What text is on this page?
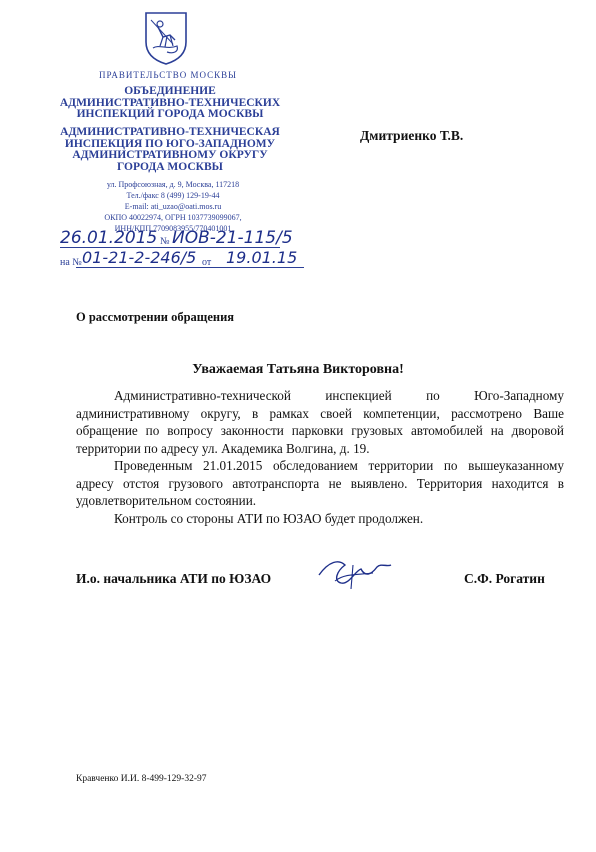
ПРАВИТЕЛЬСТВО МОСКВЫ
ОБЪЕДИНЕНИЕ
АДМИНИСТРАТИВНО-ТЕХНИЧЕСКИХ
ИНСПЕКЦИЙ ГОРОДА МОСКВЫ
АДМИНИСТРАТИВНО-ТЕХНИЧЕСКАЯ
ИНСПЕКЦИЯ ПО ЮГО-ЗАПАДНОМУ
АДМИНИСТРАТИВНОМУ ОКРУГУ
ГОРОДА МОСКВЫ
ул. Профсоюзная, д. 9, Москва, 117218
Тел./факс 8 (499) 129-19-44
E-mail: ati_uzao@oati.mos.ru
ОКПО 40022974, ОГРН 1037739099067,
ИНН/КПП 7709083955/770401001
26.01.2015 № ИОВ-21-115/5
на № 01-21-2-246/5 от 19.01.15
Дмитриенко Т.В.
О рассмотрении обращения
Уважаемая Татьяна Викторовна!

Административно-технической инспекцией по Юго-Западному административному округу, в рамках своей компетенции, рассмотрено Ваше обращение по вопросу законности парковки грузовых автомобилей на дворовой территории по адресу ул. Академика Волгина, д. 19.

Проведенным 21.01.2015 обследованием территории по вышеуказанному адресу отстоя грузового автотранспорта не выявлено. Территория находится в удовлетворительном состоянии.

Контроль со стороны АТИ по ЮЗАО будет продолжен.

И.о. начальника АТИ по ЮЗАО	С.Ф. Рогатин
Кравченко И.И. 8-499-129-32-97
